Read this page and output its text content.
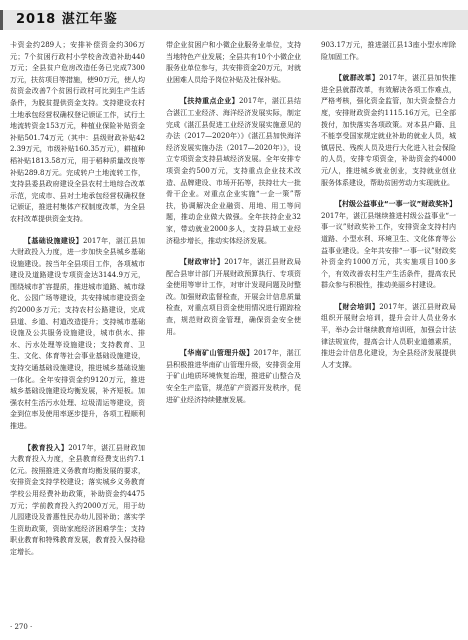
2018 湛江年鉴

卡资金约289人；安排补偿资金约306万元；7个贫困行政村小学校舍改造补助440万元；全县贫户危房改造任务已完成7300万元，扶贫项目等措施，使90万元，使人均贫资金改善7个贫困行政村可比到生产生活条件，为脱贫提供资金支持。支持建设农村土地承包经营权确权登记颁证工作，试行土地流转资金153万元，种植业保险补贴资金补贴501.74万元（其中：县级财政补贴422.39万元，市级补贴160.35万元），耕植种稻补贴1813.58万元，用于稻种质量改良等补贴289.8万元。完成转户土地流转工作，支持县委县政府建设全县农村土地综合改革示范，完成市、县对土地承包经营权确权登记颁证，推进村集体产权制度改革，为全县农村改革提供资金支持。

【基础设施建设】2017年，湛江县加大财政投入力度，进一步加快全县城乡基础设施建设。按当年全县项目工作，各项城市建设及道路建设专项资金达3144.9万元，围绕城市扩容提质，推进城市道路、城市绿化、公园广场等建设，共安排城市建设资金约2000多万元；支持农村公路建设，完成县道、乡道、村道改造提升；支持城市基础设施及公共服务设施建设，城市供水、排水、污水处理等设施建设；支持教育、卫生、文化、体育等社会事业基础设施建设，支持交通基础设施建设，推进城乡基础设施一体化。全年安排资金约9120万元，推进城乡基础设施建设均衡发展，补齐短板。加强农村生活污水处理、垃圾清运等建设，资金到位率及使用率逐步提升，各项工程顺利推进。

【教育投入】2017年，湛江县财政加大教育投入力度，全县教育经费支出约7.1亿元。按照推进义务教育均衡发展的要求，安排资金支持学校建设；落实城乡义务教育学校公用经费补助政策，补助资金约4475万元；学前教育投入约2000万元，用于幼儿园建设及普惠性民办幼儿园补助；落实学生资助政策，资助家庭经济困难学生；支持职业教育和特殊教育发展，教育投入保持稳定增长。

带企业贫困户和小微企业服务业单位，支持当地特色产业发展；全县共有10个小微企业服务业单位参与，共安排资金20万元，对就业困难人员给予岗位补贴及社保补贴。

【扶持重点企业】2017年，湛江县结合湛江工业经济、海洋经济发展实际，制定完成《湛江县促进工业经济发展实施意见的办法（2017—2020年）》《湛江县加快海洋经济发展实施办法（2017—2020年）》，设立专项资金支持县域经济发展。全年安排专项资金约500万元，支持重点企业技术改造、品牌建设、市场开拓等，扶持壮大一批骨干企业。对重点企业实施“一企一策”帮扶，协调解决企业融资、用地、用工等问题，推动企业做大做强。全年扶持企业32家，带动就业2000多人，支持县域工业经济稳步增长，推动实体经济发展。

【财政审计】2017年，湛江县财政局配合县审计部门开展财政预算执行、专项资金使用等审计工作，对审计发现问题及时整改。加强财政监督检查，开展会计信息质量检查，对重点项目资金使用情况进行跟踪检查，规范财政资金管理，确保资金安全使用。

【华南矿山管理升级】2017年，湛江县积极推进华南矿山管理升级，安排资金用于矿山地质环境恢复治理，推进矿山整合及安全生产监管，规范矿产资源开发秩序，促进矿业经济持续健康发展。

903.17万元，推进湛江县13座小型水库除险加固工作。

【就群改革】2017年，湛江县加快推进全县就群改革，有效解决各项工作难点，严格考核，强化资金监管，加大资金整合力度，安排财政资金约1115.16万元，已全部拨付，加快落实各项政策。对本县户籍、且不能享受国家规定就业补助的就业人员，城镇居民、残疾人员及进行大化进入社会保险的人员，安排专项资金，补助资金约4000元/人，推进城乡就业创业，支持就业创业服务体系建设，帮助贫困劳动力实现就业。

【村级公益事业“一事一议”财政奖补】2017年，湛江县继续推进村级公益事业“一事一议”财政奖补工作，安排资金支持村内道路、小型水利、环境卫生、文化体育等公益事业建设。全年共安排“一事一议”财政奖补资金约1000万元，共实施项目100多个，有效改善农村生产生活条件，提高农民群众参与积极性，推动美丽乡村建设。

【财会培训】2017年，湛江县财政局组织开展财会培训，提升会计人员业务水平，举办会计继续教育培训班，加强会计法律法规宣传，提高会计人员职业道德素质，推进会计信息化建设，为全县经济发展提供人才支撑。

· 270 ·
